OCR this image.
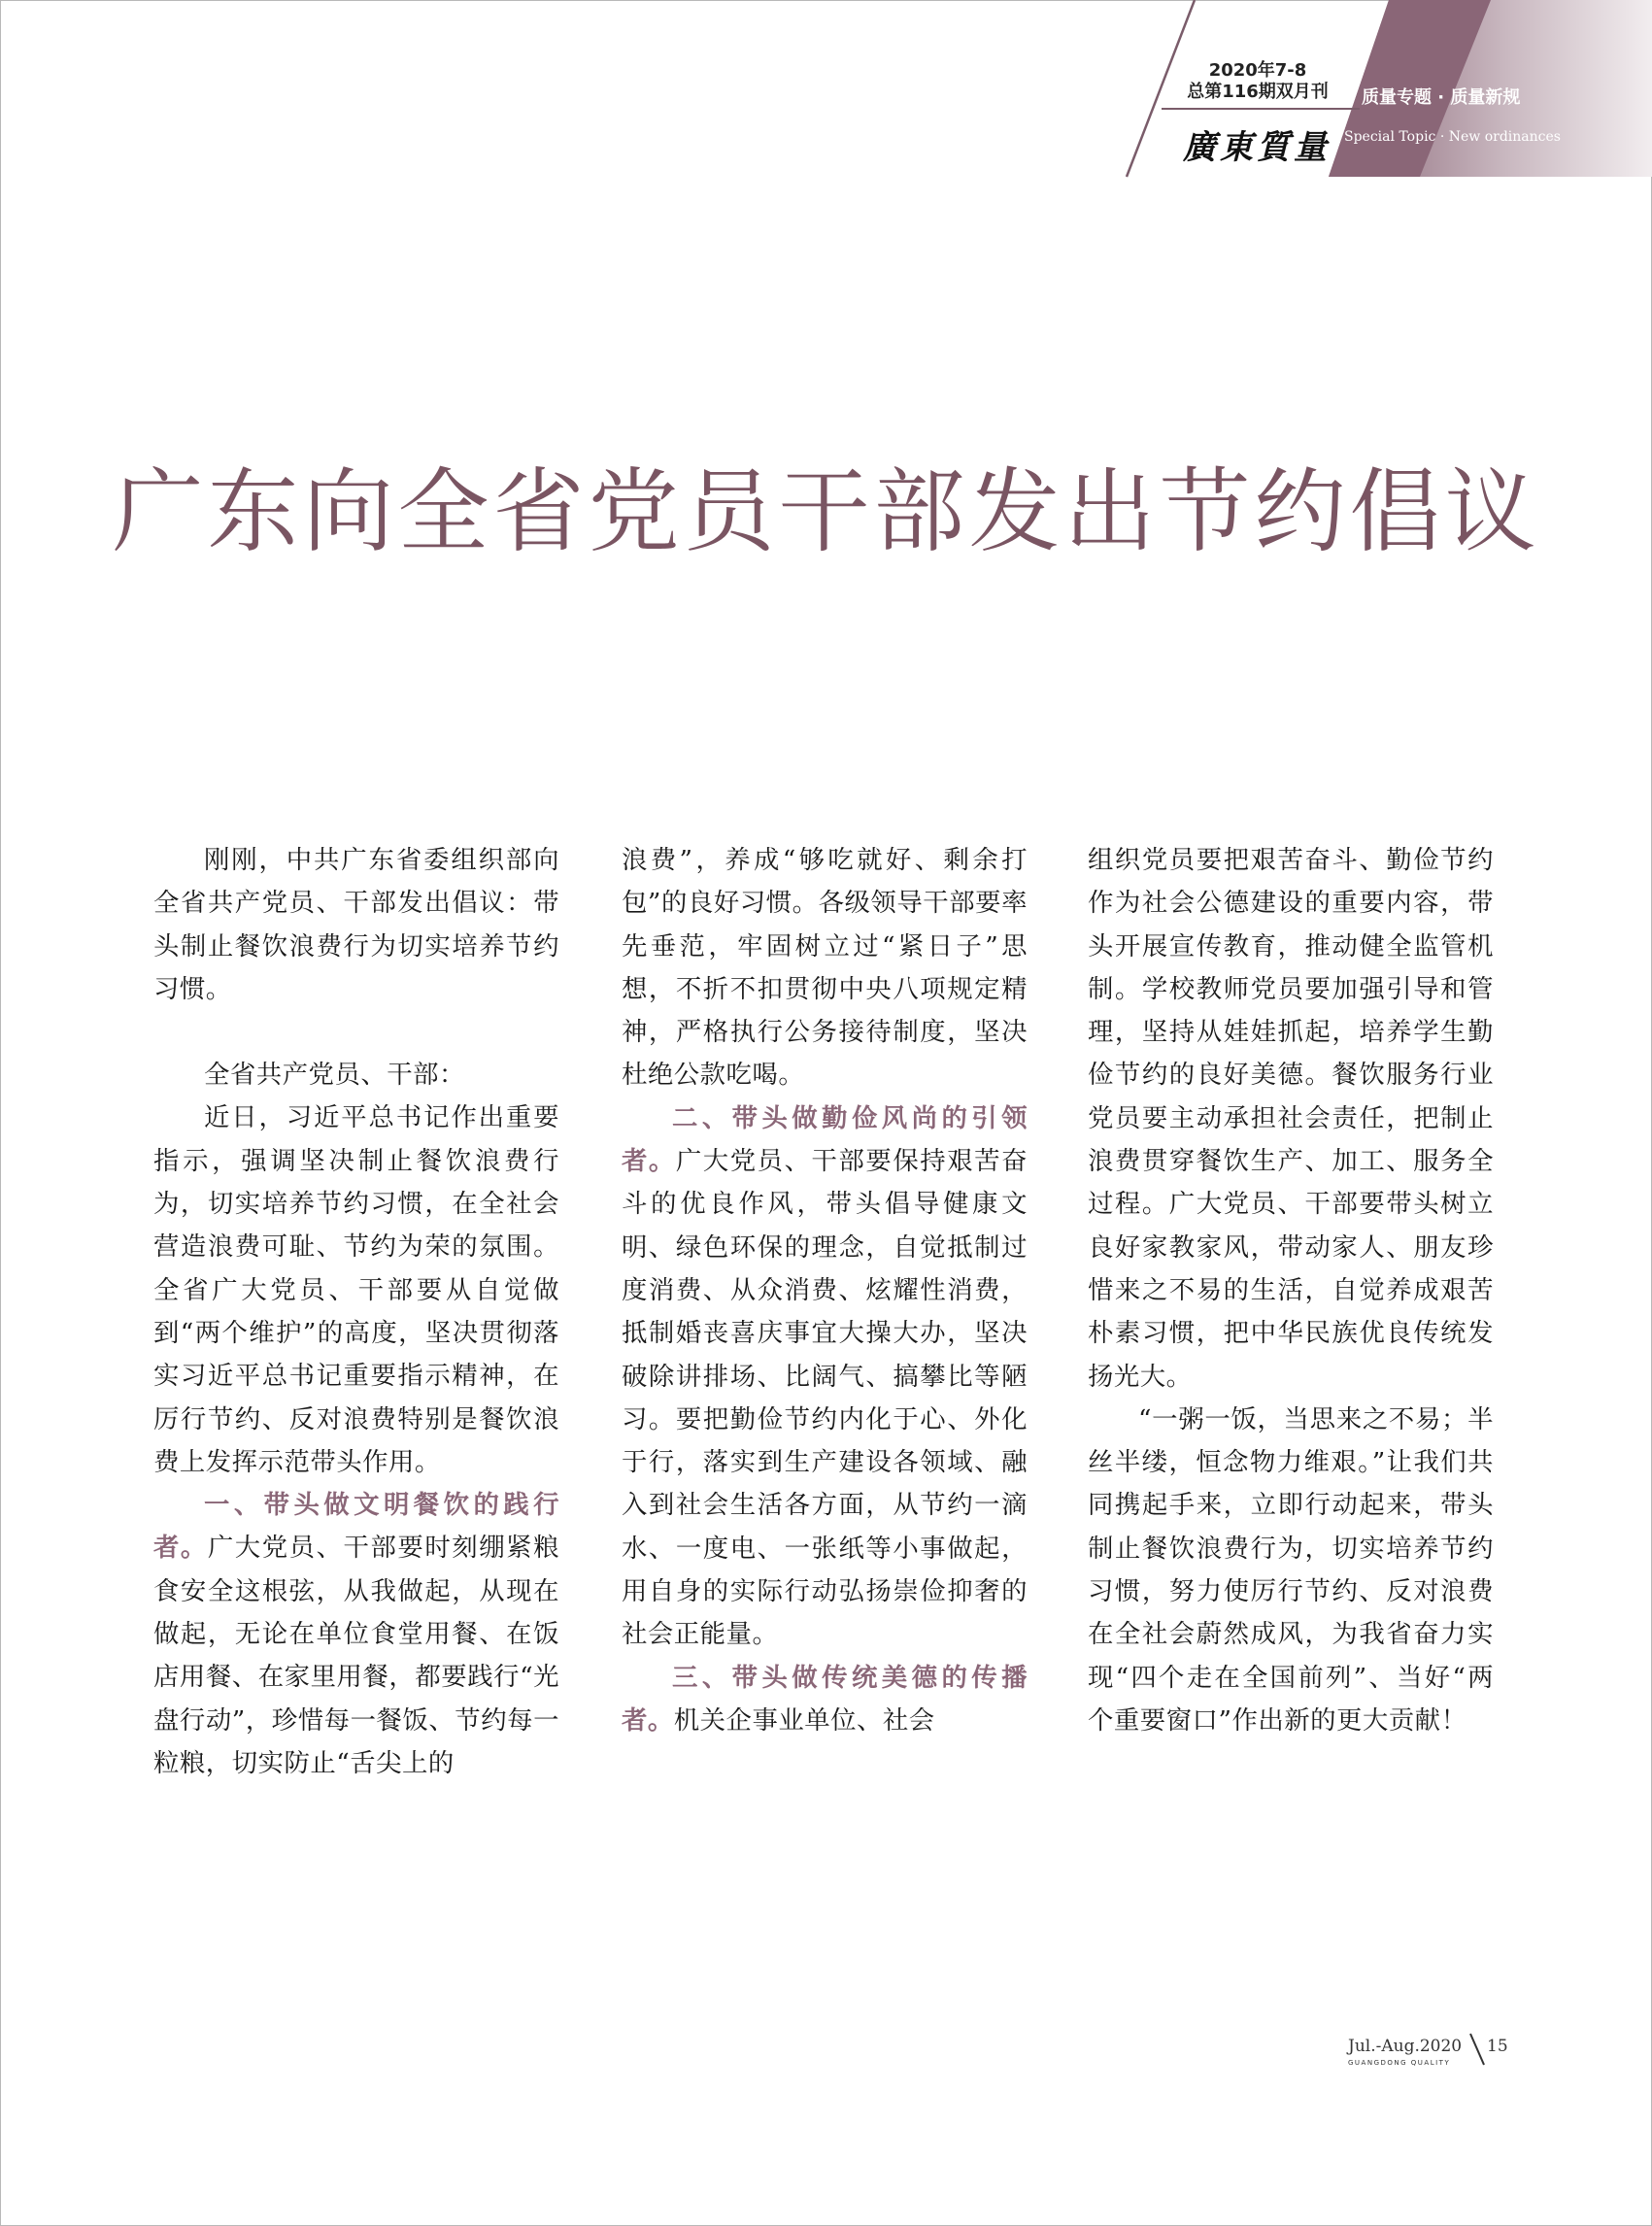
2020年7-8
总第116期双月刊
廣東質量
质量专题 · 质量新规
Special Topic · New ordinances
广东向全省党员干部发出节约倡议

刚刚，中共广东省委组织部向全省共产党员、干部发出倡议：带头制止餐饮浪费行为切实培养节约习惯。

全省共产党员、干部：

近日，习近平总书记作出重要指示，强调坚决制止餐饮浪费行为，切实培养节约习惯，在全社会营造浪费可耻、节约为荣的氛围。全省广大党员、干部要从自觉做到“两个维护”的高度，坚决贯彻落实习近平总书记重要指示精神，在厉行节约、反对浪费特别是餐饮浪费上发挥示范带头作用。

一、带头做文明餐饮的践行者。广大党员、干部要时刻绷紧粮食安全这根弦，从我做起，从现在做起，无论在单位食堂用餐、在饭店用餐、在家里用餐，都要践行“光盘行动”，珍惜每一餐饭、节约每一粒粮，切实防止“舌尖上的

浪费”，养成“够吃就好、剩余打包”的良好习惯。各级领导干部要率先垂范，牢固树立过“紧日子”思想，不折不扣贯彻中央八项规定精神，严格执行公务接待制度，坚决杜绝公款吃喝。

二、带头做勤俭风尚的引领者。广大党员、干部要保持艰苦奋斗的优良作风，带头倡导健康文明、绿色环保的理念，自觉抵制过度消费、从众消费、炫耀性消费，抵制婚丧喜庆事宜大操大办，坚决破除讲排场、比阔气、搞攀比等陋习。要把勤俭节约内化于心、外化于行，落实到生产建设各领域、融入到社会生活各方面，从节约一滴水、一度电、一张纸等小事做起，用自身的实际行动弘扬崇俭抑奢的社会正能量。

三、带头做传统美德的传播者。机关企事业单位、社会

组织党员要把艰苦奋斗、勤俭节约作为社会公德建设的重要内容，带头开展宣传教育，推动健全监管机制。学校教师党员要加强引导和管理，坚持从娃娃抓起，培养学生勤俭节约的良好美德。餐饮服务行业党员要主动承担社会责任，把制止浪费贯穿餐饮生产、加工、服务全过程。广大党员、干部要带头树立良好家教家风，带动家人、朋友珍惜来之不易的生活，自觉养成艰苦朴素习惯，把中华民族优良传统发扬光大。

“一粥一饭，当思来之不易；半丝半缕，恒念物力维艰。”让我们共同携起手来，立即行动起来，带头制止餐饮浪费行为，切实培养节约习惯，努力使厉行节约、反对浪费在全社会蔚然成风，为我省奋力实现“四个走在全国前列”、当好“两个重要窗口”作出新的更大贡献！

Jul.-Aug.2020
GUANGDONG QUALITY
15
